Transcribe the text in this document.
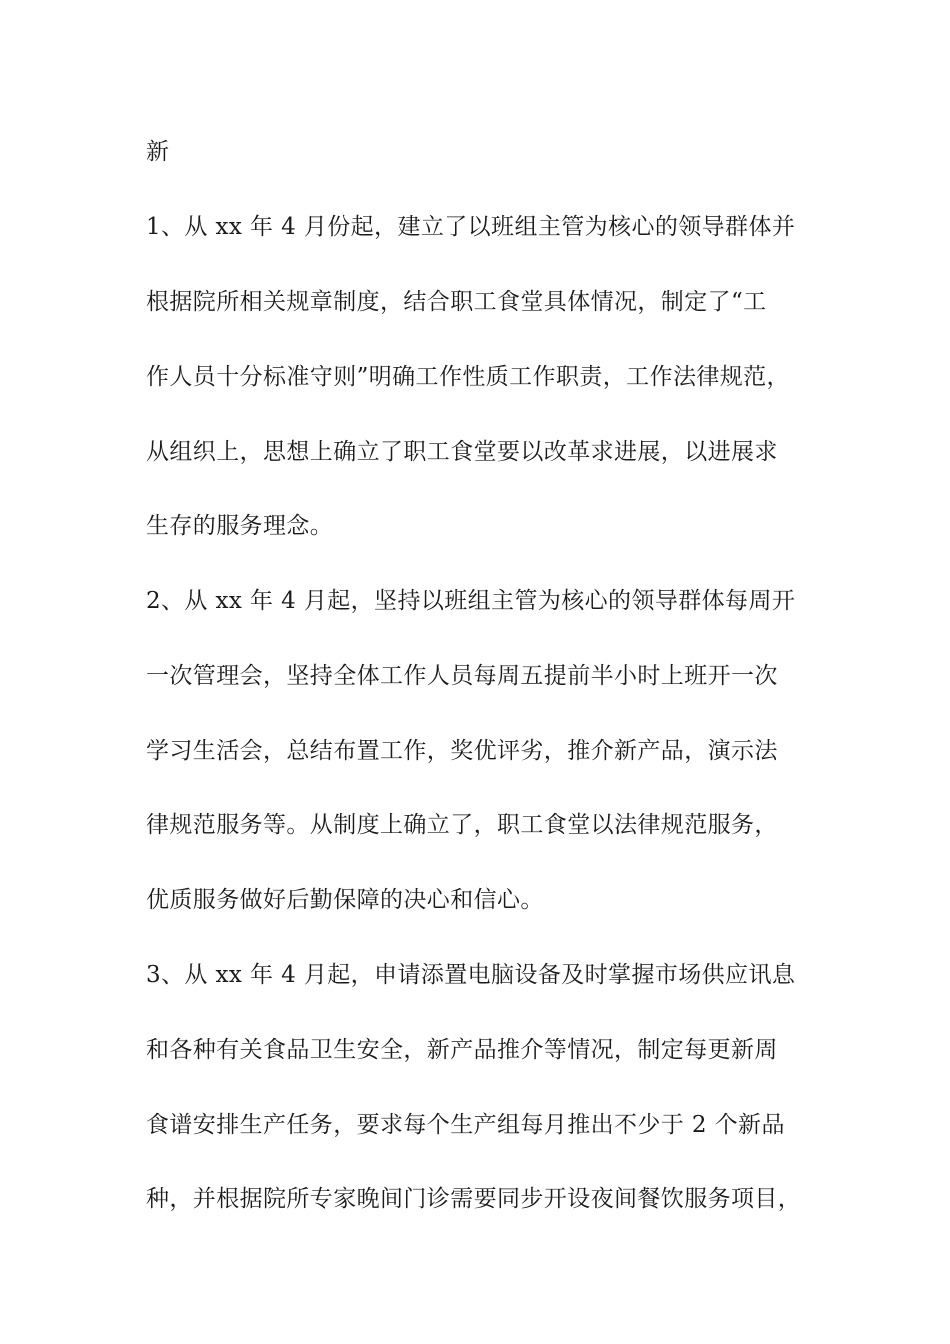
新

1、从 xx 年 4 月份起，建立了以班组主管为核心的领导群体并

根据院所相关规章制度，结合职工食堂具体情况，制定了“工

作人员十分标准守则”明确工作性质工作职责，工作法律规范，

从组织上，思想上确立了职工食堂要以改革求进展，以进展求

生存的服务理念。

2、从 xx 年 4 月起，坚持以班组主管为核心的领导群体每周开

一次管理会，坚持全体工作人员每周五提前半小时上班开一次

学习生活会，总结布置工作，奖优评劣，推介新产品，演示法

律规范服务等。从制度上确立了，职工食堂以法律规范服务，

优质服务做好后勤保障的决心和信心。

3、从 xx 年 4 月起，申请添置电脑设备及时掌握市场供应讯息

和各种有关食品卫生安全，新产品推介等情况，制定每更新周

食谱安排生产任务，要求每个生产组每月推出不少于 2 个新品

种，并根据院所专家晚间门诊需要同步开设夜间餐饮服务项目，
